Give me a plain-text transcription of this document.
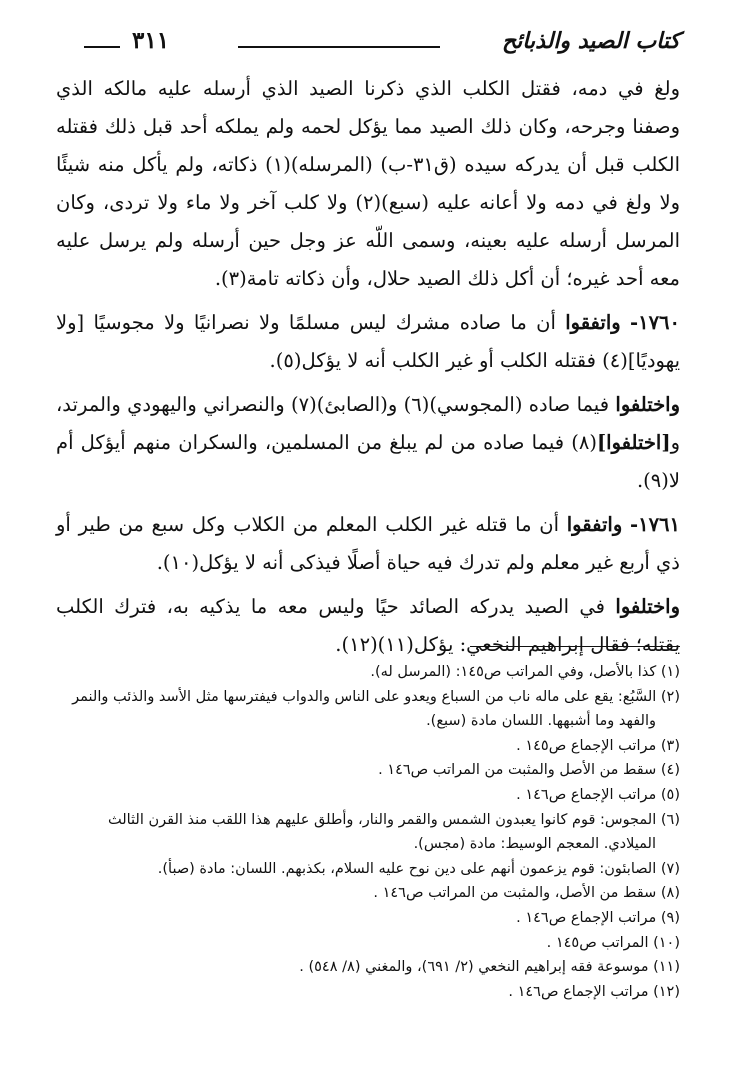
كتاب الصيد والذبائح
٣١١

ولغ في دمه، فقتل الكلب الذي ذكرنا الصيد الذي أرسله عليه مالكه الذي وصفنا وجرحه، وكان ذلك الصيد مما يؤكل لحمه ولم يملكه أحد قبل ذلك فقتله الكلب قبل أن يدركه سيده (ق٣١-ب) (المرسله)(١) ذكاته، ولم يأكل منه شيئًا ولا ولغ في دمه ولا أعانه عليه (سبع)(٢) ولا كلب آخر ولا ماء ولا تردى، وكان المرسل أرسله عليه بعينه، وسمى اللّه عز وجل حين أرسله ولم يرسل عليه معه أحد غيره؛ أن أكل ذلك الصيد حلال، وأن ذكاته تامة(٣).

١٧٦٠- واتفقوا أن ما صاده مشرك ليس مسلمًا ولا نصرانيًا ولا مجوسيًا [ولا يهوديًا](٤) فقتله الكلب أو غير الكلب أنه لا يؤكل(٥).

واختلفوا فيما صاده (المجوسي)(٦) و(الصابئ)(٧) والنصراني واليهودي والمرتد، و[اختلفوا](٨) فيما صاده من لم يبلغ من المسلمين، والسكران منهم أيؤكل أم لا(٩).

١٧٦١- واتفقوا أن ما قتله غير الكلب المعلم من الكلاب وكل سبع من طير أو ذي أربع غير معلم ولم تدرك فيه حياة أصلًا فيذكى أنه لا يؤكل(١٠).

واختلفوا في الصيد يدركه الصائد حيًا وليس معه ما يذكيه به، فترك الكلب يقتله؛ فقال إبراهيم النخعي: يؤكل(١١)(١٢).

(١) كذا بالأصل، وفي المراتب ص١٤٥: (المرسل له).

(٢) السَّبُع: يقع على ماله ناب من السباع ويعدو على الناس والدواب فيفترسها مثل الأسد والذئب والنمر والفهد وما أشبهها. اللسان مادة (سبع).

(٣) مراتب الإجماع ص١٤٥ .

(٤) سقط من الأصل والمثبت من المراتب ص١٤٦ .

(٥) مراتب الإجماع ص١٤٦ .

(٦) المجوس: قوم كانوا يعبدون الشمس والقمر والنار، وأطلق عليهم هذا اللقب منذ القرن الثالث الميلادي. المعجم الوسيط: مادة (مجس).

(٧) الصابئون: قوم يزعمون أنهم على دين نوح عليه السلام، بكذبهم. اللسان: مادة (صبأ).

(٨) سقط من الأصل، والمثبت من المراتب ص١٤٦ .

(٩) مراتب الإجماع ص١٤٦ .

(١٠) المراتب ص١٤٥ .

(١١) موسوعة فقه إبراهيم النخعي (٢/ ٦٩١)، والمغني (٨/ ٥٤٨) .

(١٢) مراتب الإجماع ص١٤٦ .
